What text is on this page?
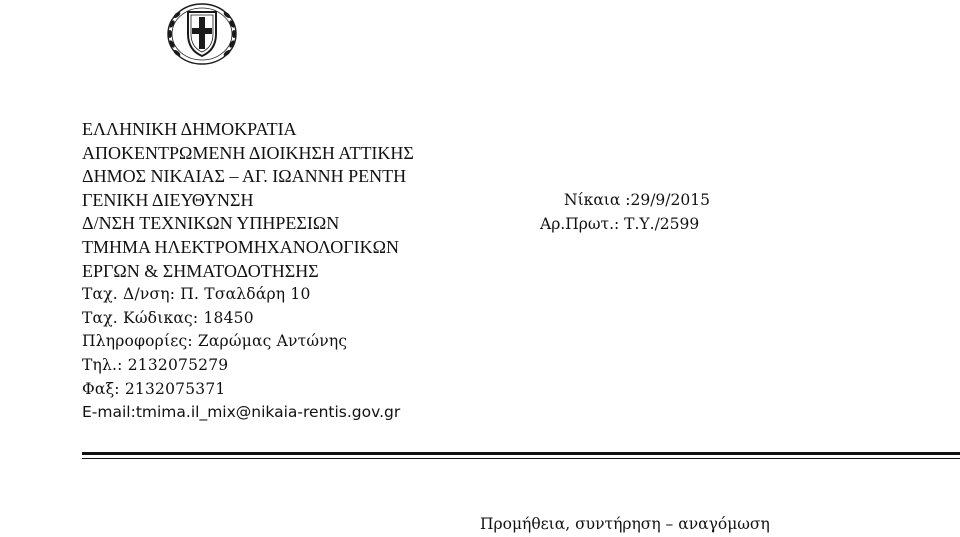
ΕΛΛΗΝΙΚΗ ΔΗΜΟΚΡΑΤΙΑ
ΑΠΟΚΕΝΤΡΩΜΕΝΗ ΔΙΟΙΚΗΣΗ ΑΤΤΙΚΗΣ
ΔΗΜΟΣ ΝΙΚΑΙΑΣ – ΑΓ. ΙΩΑΝΝΗ ΡΕΝΤΗ
ΓΕΝΙΚΗ ΔΙΕΥΘΥΝΣΗ
Δ/ΝΣΗ ΤΕΧΝΙΚΩΝ ΥΠΗΡΕΣΙΩΝ
ΤΜΗΜΑ ΗΛΕΚΤΡΟΜΗΧΑΝΟΛΟΓΙΚΩΝ
ΕΡΓΩΝ & ΣΗΜΑΤΟΔΟΤΗΣΗΣ
Ταχ. Δ/νση: Π. Τσαλδάρη 10
Ταχ. Κώδικας: 18450
Πληροφορίες: Ζαρώμας Αντώνης
Τηλ.: 2132075279
Φαξ: 2132075371
E-mail:tmima.il_mix@nikaia-rentis.gov.gr
Νίκαια :29/9/2015
Αρ.Πρωτ.: Τ.Υ./2599
Προμήθεια, συντήρηση – αναγόμωση
